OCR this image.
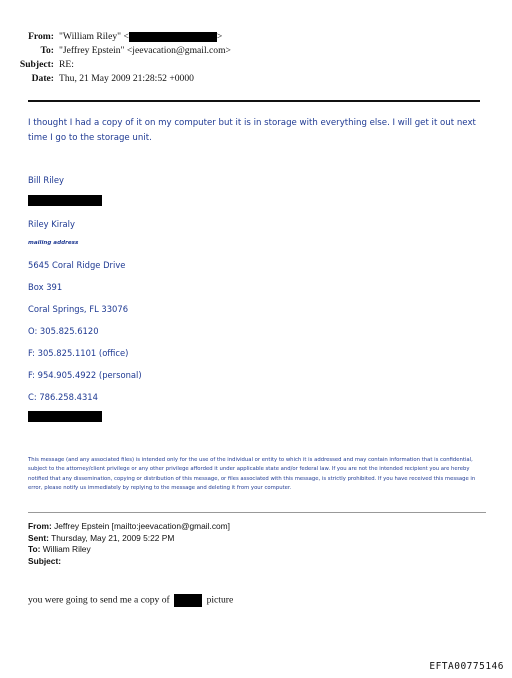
From: "William Riley" <	>
To: "Jeffrey Epstein" <jeevacation@gmail.com>
Subject: RE:
Date: Thu, 21 May 2009 21:28:52 +0000
I thought I had a copy of it on my computer but it is in storage with everything else. I will get it out next time I go to the storage unit.
Bill Riley
Riley Kiraly
mailing address
5645 Coral Ridge Drive
Box 391
Coral Springs, FL 33076
O: 305.825.6120
F: 305.825.1101 (office)
F: 954.905.4922 (personal)
C: 786.258.4314
This message (and any associated files) is intended only for the use of the individual or entity to which it is addressed and may contain information that is confidential, subject to the attorney/client privilege or any other privilege afforded it under applicable state and/or federal law. If you are not the intended recipient you are hereby notified that any dissemination, copying or distribution of this message, or files associated with this message, is strictly prohibited. If you have received this message in error, please notify us immediately by replying to the message and deleting it from your computer.
From: Jeffrey Epstein [mailto:jeevacation@gmail.com]
Sent: Thursday, May 21, 2009 5:22 PM
To: William Riley
Subject:
you were going to send me a copy of	picture
EFTA00775146
